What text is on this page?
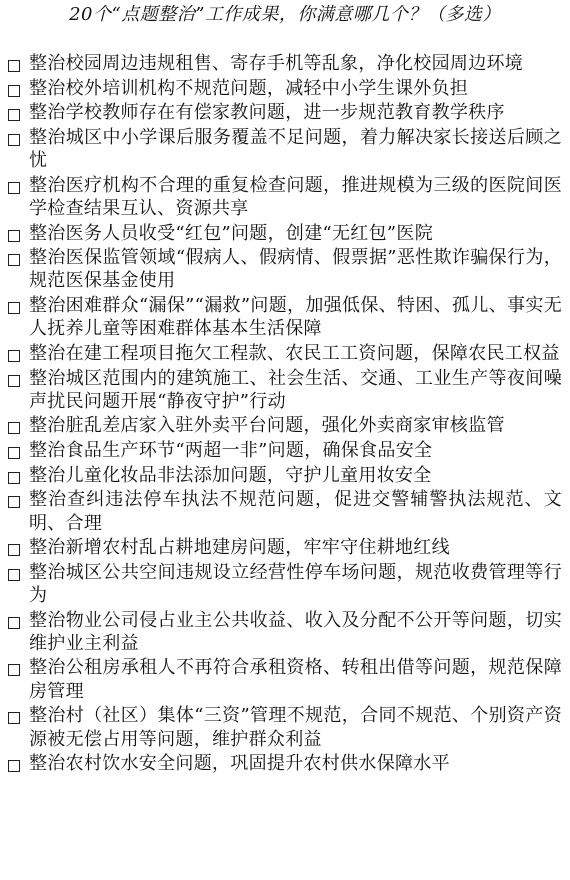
20个“点题整治”工作成果，你满意哪几个？（多选）
整治校园周边违规租售、寄存手机等乱象，净化校园周边环境
整治校外培训机构不规范问题，减轻中小学生课外负担
整治学校教师存在有偿家教问题，进一步规范教育教学秩序
整治城区中小学课后服务覆盖不足问题，着力解决家长接送后顾之忧
整治医疗机构不合理的重复检查问题，推进规模为三级的医院间医学检查结果互认、资源共享
整治医务人员收受“红包”问题，创建“无红包”医院
整治医保监管领域“假病人、假病情、假票据”恶性欺诈骗保行为，规范医保基金使用
整治困难群众“漏保”“漏救”问题，加强低保、特困、孤儿、事实无人抚养儿童等困难群体基本生活保障
整治在建工程项目拖欠工程款、农民工工资问题，保障农民工权益
整治城区范围内的建筑施工、社会生活、交通、工业生产等夜间噪声扰民问题开展“静夜守护”行动
整治脏乱差店家入驻外卖平台问题，强化外卖商家审核监管
整治食品生产环节“两超一非”问题，确保食品安全
整治儿童化妆品非法添加问题，守护儿童用妆安全
整治查纠违法停车执法不规范问题，促进交警辅警执法规范、文明、合理
整治新增农村乱占耕地建房问题，牢牢守住耕地红线
整治城区公共空间违规设立经营性停车场问题，规范收费管理等行为
整治物业公司侵占业主公共收益、收入及分配不公开等问题，切实维护业主利益
整治公租房承租人不再符合承租资格、转租出借等问题，规范保障房管理
整治村（社区）集体“三资”管理不规范，合同不规范、个别资产资源被无偿占用等问题，维护群众利益
整治农村饮水安全问题，巩固提升农村供水保障水平
